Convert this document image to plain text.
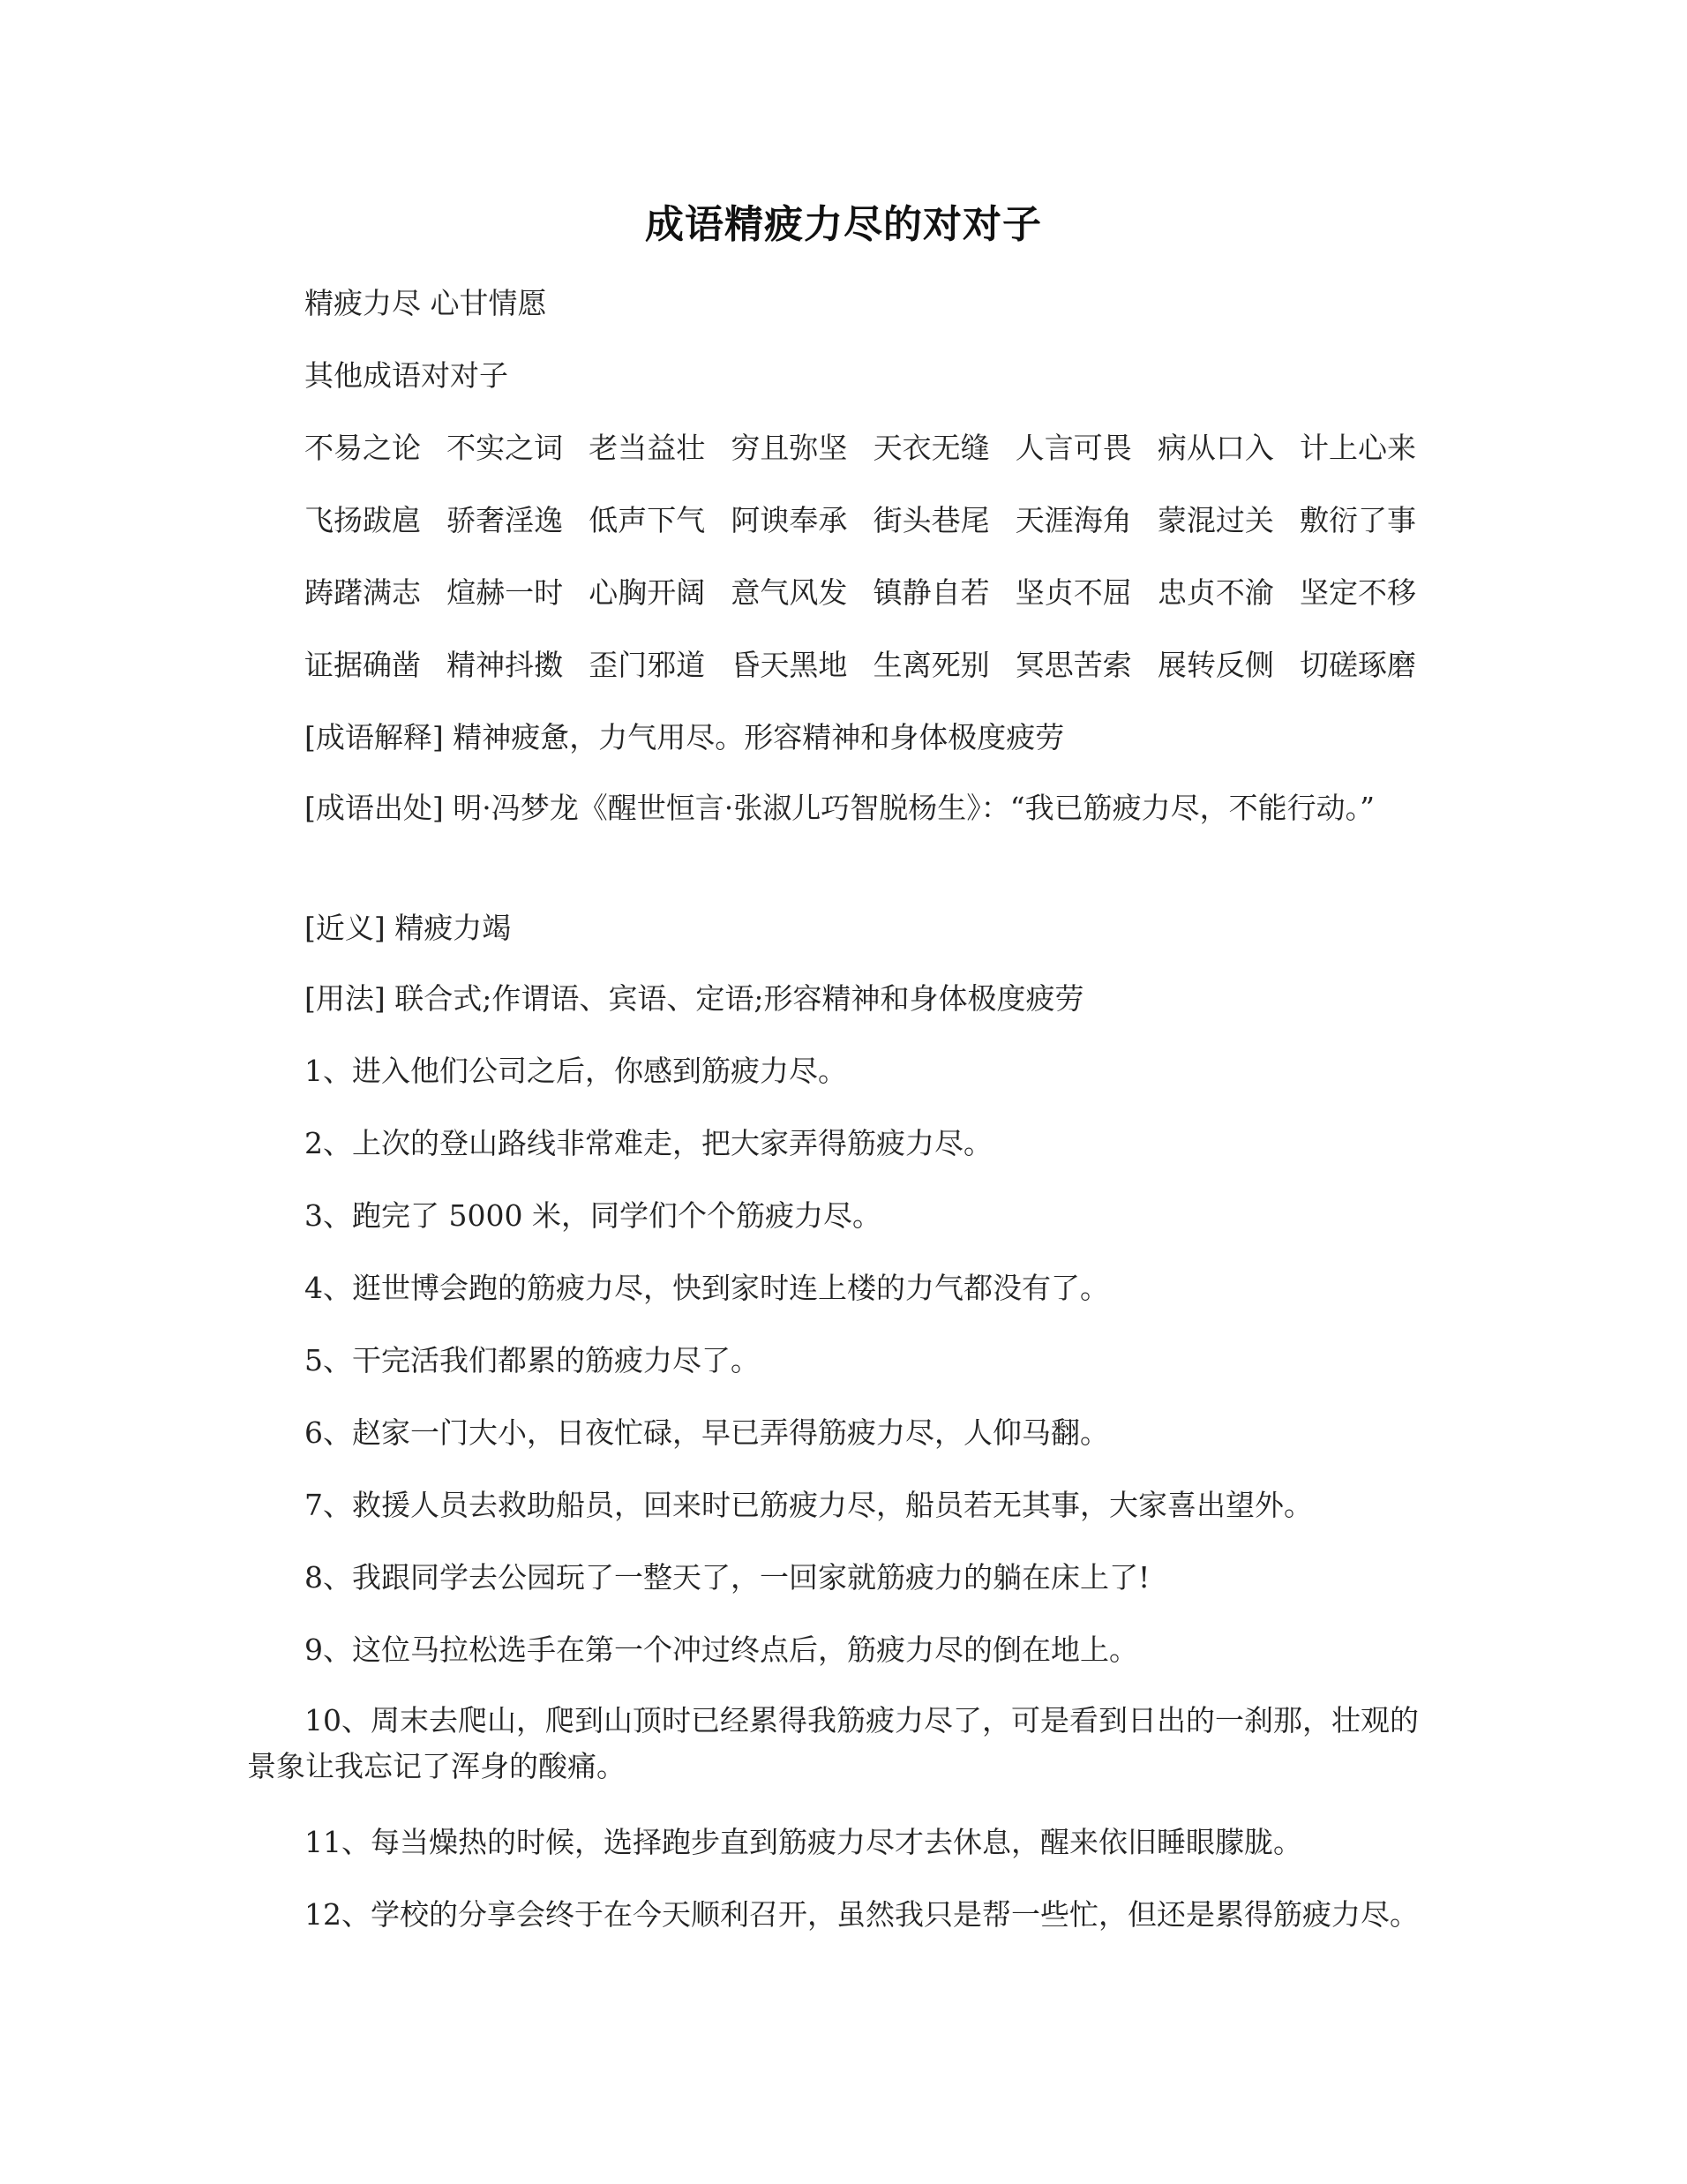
成语精疲力尽的对对子
精疲力尽 心甘情愿
其他成语对对子
不易之论 不实之词 老当益壮 穷且弥坚 天衣无缝 人言可畏 病从口入 计上心来
飞扬跋扈 骄奢淫逸 低声下气 阿谀奉承 街头巷尾 天涯海角 蒙混过关 敷衍了事
踌躇满志 煊赫一时 心胸开阔 意气风发 镇静自若 坚贞不屈 忠贞不渝 坚定不移
证据确凿 精神抖擞 歪门邪道 昏天黑地 生离死别 冥思苦索 展转反侧 切磋琢磨
[成语解释] 精神疲惫，力气用尽。形容精神和身体极度疲劳
[成语出处] 明·冯梦龙《醒世恒言·张淑儿巧智脱杨生》：“我已筋疲力尽，不能行动。”
[近义] 精疲力竭
[用法] 联合式;作谓语、宾语、定语;形容精神和身体极度疲劳
1、进入他们公司之后，你感到筋疲力尽。
2、上次的登山路线非常难走，把大家弄得筋疲力尽。
3、跑完了 5000 米，同学们个个筋疲力尽。
4、逛世博会跑的筋疲力尽，快到家时连上楼的力气都没有了。
5、干完活我们都累的筋疲力尽了。
6、赵家一门大小，日夜忙碌，早已弄得筋疲力尽，人仰马翻。
7、救援人员去救助船员，回来时已筋疲力尽，船员若无其事，大家喜出望外。
8、我跟同学去公园玩了一整天了，一回家就筋疲力的躺在床上了!
9、这位马拉松选手在第一个冲过终点后，筋疲力尽的倒在地上。
10、周末去爬山，爬到山顶时已经累得我筋疲力尽了，可是看到日出的一刹那，壮观的景象让我忘记了浑身的酸痛。
11、每当燥热的时候，选择跑步直到筋疲力尽才去休息，醒来依旧睡眼朦胧。
12、学校的分享会终于在今天顺利召开，虽然我只是帮一些忙，但还是累得筋疲力尽。
